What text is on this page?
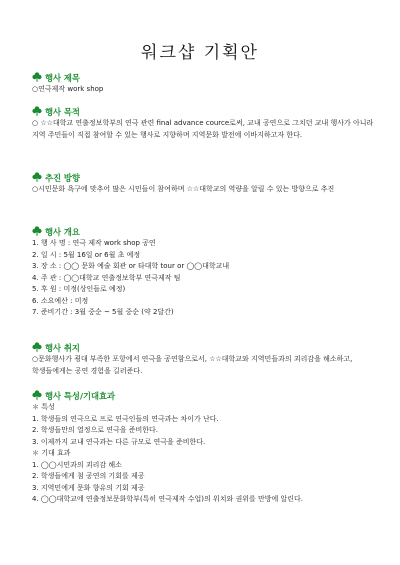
워크샵 기획안
행사 제목
○연극제작 work shop
행사 목적
○ ☆☆대학교 연출정보학부의 연극 관련 final advance cource로써, 교내 공연으로 그치던 교내 행사가 아니라 지역 주민들이 직접 참여할 수 있는 행사로 지향하며 지역문화 발전에 이바지하고자 한다.
추진 방향
○시민문화 욕구에 맞추어 많은 시민들이 참여하며 ☆☆대학교의 역량을 알릴 수 있는 방향으로 추진
행사 개요
1. 행 사 명 : 연극 제작 work shop 공연
2. 일 시 : 5월 16일 or 6월 초 예정
3. 장 소 : ◯◯ 문화 예술 회관 or 타대학 tour or ◯◯대학교내
4. 주 관 : ◯◯대학교 연출정보학부 연극제작 팀
5. 후 원 : 미정(상인들로 예정)
6. 소요예산 : 미정
7. 준비기간 : 3월 중순 ~ 5월 중순 (약 2달간)
행사 취지
○문화행사가 굉대 부족한 포항에서 연극을 공연함으로서, ☆☆대학교와 지역민들과의 괴리감을 해소하고, 학생들에게는 공연 경험을 길러준다.
행사 특성/기대효과
＊ 특성
1. 학생들의 연극으로 프로 연극인들의 연극과는 차이가 난다.
2. 학생들만의 열정으로 연극을 준비한다.
3. 이제까지 교내 연극과는 다른 규모로 연극을 준비한다.
＊ 기대 효과
1. ◯◯시민과의 괴리감 해소
2. 학생들에게 첨 공연의 기회를 제공
3. 지역민에게 문화 향유의 기회 제공
4. ◯◯대학교에 연출정보문화학부(특히 연극제작 수업)의 위치와 권위를 만방에 알린다.
